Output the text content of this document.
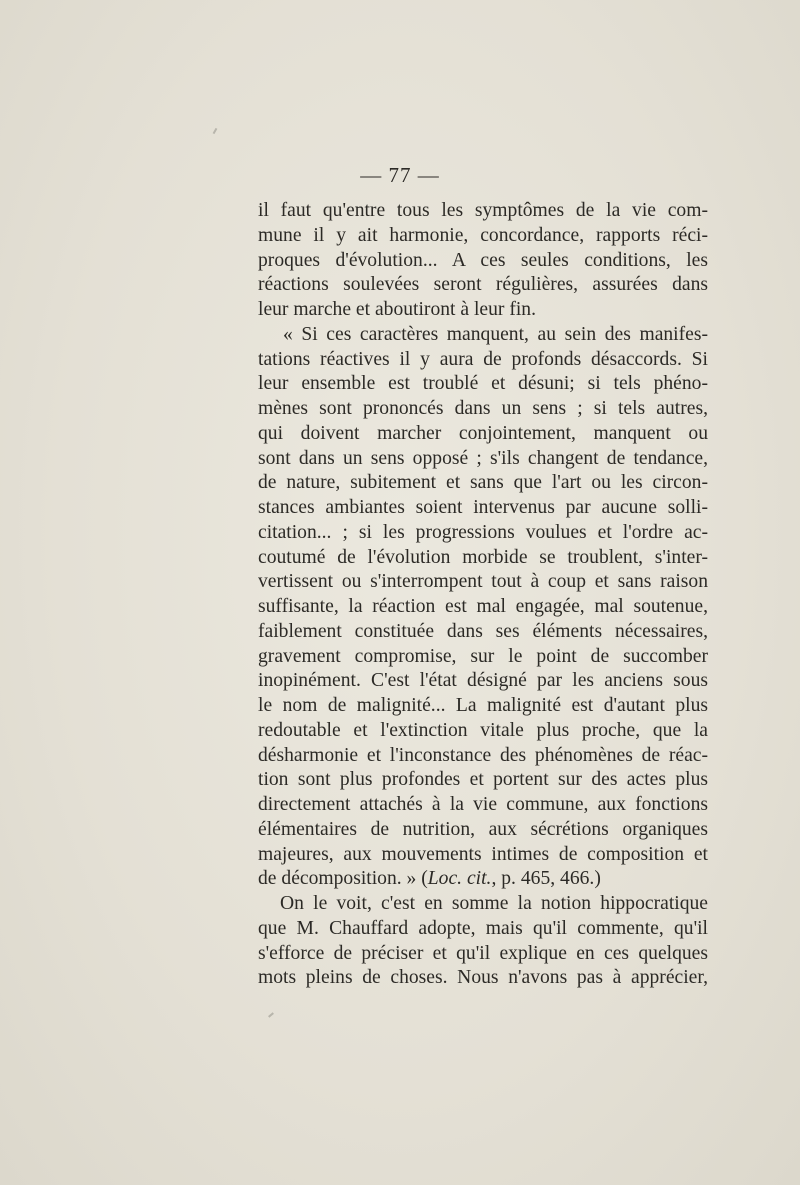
— 77 —
il faut qu'entre tous les symptômes de la vie com-
mune il y ait harmonie, concordance, rapports réci-
proques d'évolution... A ces seules conditions, les
réactions soulevées seront régulières, assurées dans
leur marche et aboutiront à leur fin.
« Si ces caractères manquent, au sein des manifes-
tations réactives il y aura de profonds désaccords. Si
leur ensemble est troublé et désuni; si tels phéno-
mènes sont prononcés dans un sens ; si tels autres,
qui doivent marcher conjointement, manquent ou
sont dans un sens opposé ; s'ils changent de tendance,
de nature, subitement et sans que l'art ou les circon-
stances ambiantes soient intervenus par aucune solli-
citation... ; si les progressions voulues et l'ordre ac-
coutumé de l'évolution morbide se troublent, s'inter-
vertissent ou s'interrompent tout à coup et sans raison
suffisante, la réaction est mal engagée, mal soutenue,
faiblement constituée dans ses éléments nécessaires,
gravement compromise, sur le point de succomber
inopinément. C'est l'état désigné par les anciens sous
le nom de malignité... La malignité est d'autant plus
redoutable et l'extinction vitale plus proche, que la
désharmonie et l'inconstance des phénomènes de réac-
tion sont plus profondes et portent sur des actes plus
directement attachés à la vie commune, aux fonctions
élémentaires de nutrition, aux sécrétions organiques
majeures, aux mouvements intimes de composition et
de décomposition. » (Loc. cit., p. 465, 466.)
On le voit, c'est en somme la notion hippocratique
que M. Chauffard adopte, mais qu'il commente, qu'il
s'efforce de préciser et qu'il explique en ces quelques
mots pleins de choses. Nous n'avons pas à apprécier,
